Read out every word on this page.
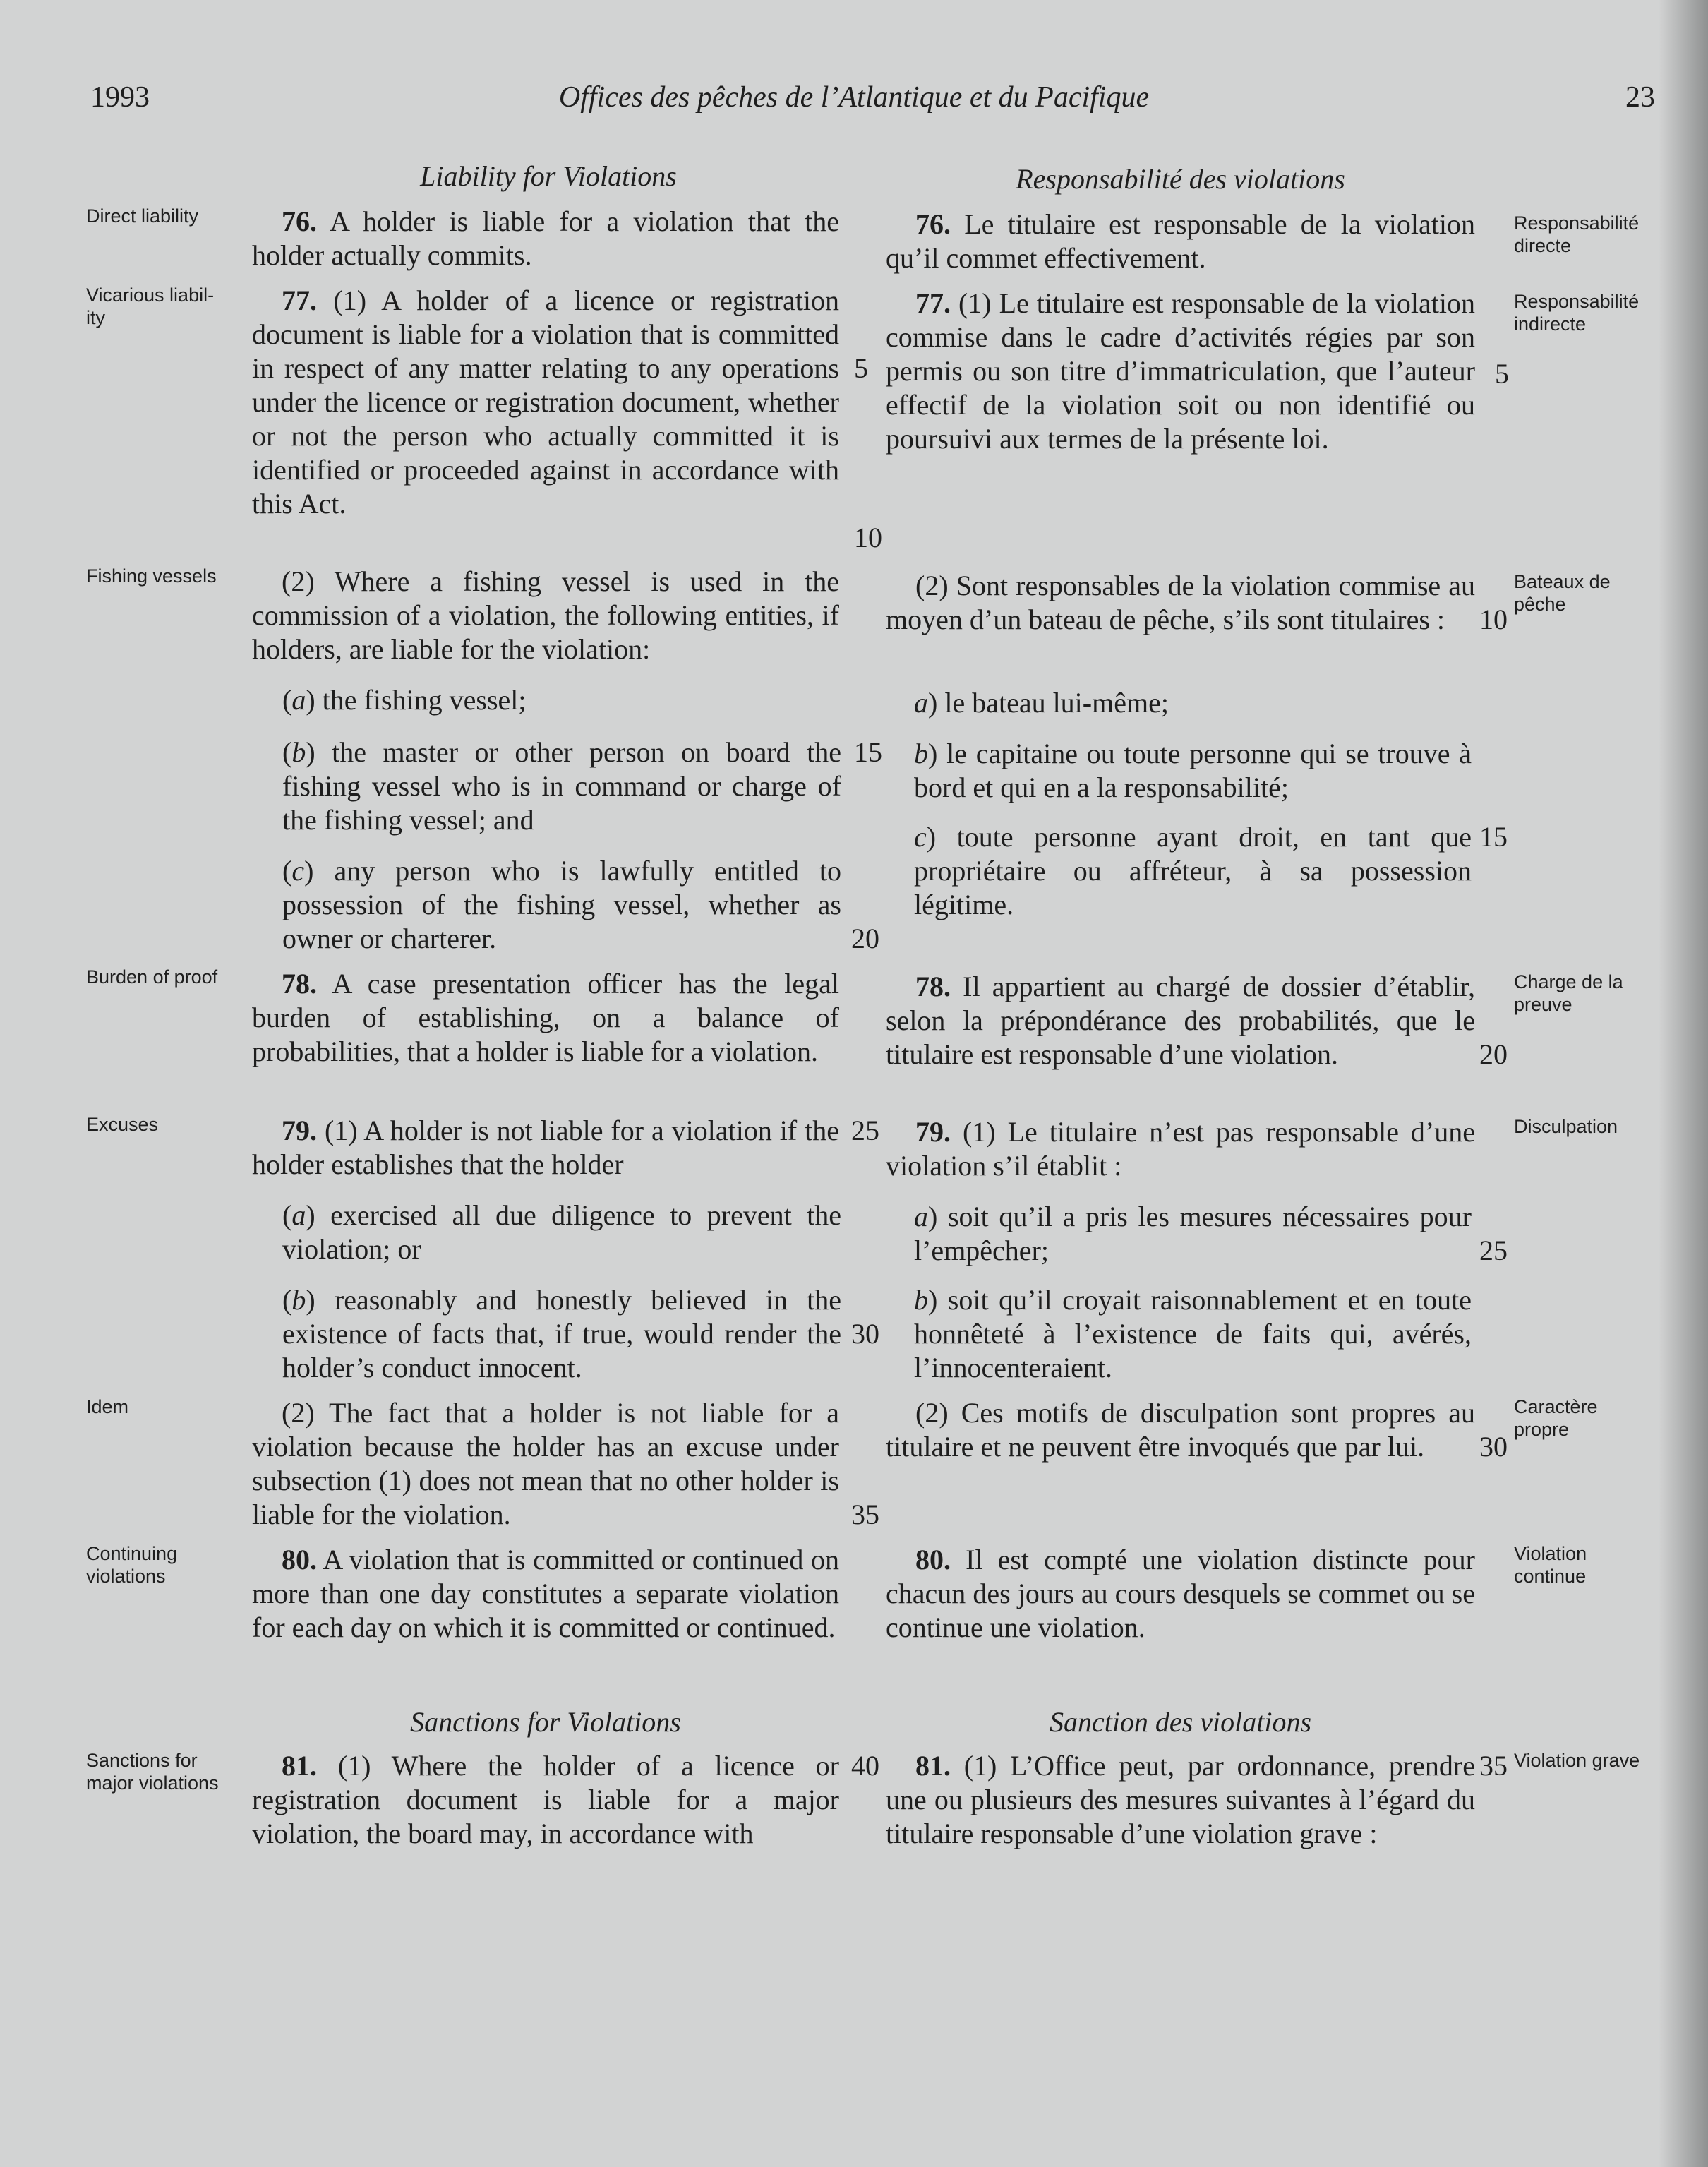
1993	Offices des pêches de l’Atlantique et du Pacifique	23
Liability for Violations	Responsabilité des violations
Direct liability
Vicarious liabil- ity
Fishing vessels
Burden of proof
Excuses
Idem
Continuing violations
Sanctions for major violations
Responsabilité directe
Responsabilité indirecte
Bateaux de pêche
Charge de la preuve
Disculpation
Caractère propre
Violation continue
Violation grave
76. A holder is liable for a violation that the holder actually commits.
77. (1) A holder of a licence or registration document is liable for a violation that is committed in respect of any matter relating to any operations under the licence or registration document, whether or not the person who actually committed it is identified or proceeded against in accordance with this Act.
(2) Where a fishing vessel is used in the commission of a violation, the following entities, if holders, are liable for the violation:
(a) the fishing vessel;
(b) the master or other person on board the fishing vessel who is in command or charge of the fishing vessel; and
(c) any person who is lawfully entitled to possession of the fishing vessel, whether as owner or charterer.
78. A case presentation officer has the legal burden of establishing, on a balance of probabilities, that a holder is liable for a violation.
79. (1) A holder is not liable for a violation if the holder establishes that the holder
(a) exercised all due diligence to prevent the violation; or
(b) reasonably and honestly believed in the existence of facts that, if true, would render the holder’s conduct innocent.
(2) The fact that a holder is not liable for a violation because the holder has an excuse under subsection (1) does not mean that no other holder is liable for the violation.
80. A violation that is committed or continued on more than one day constitutes a separate violation for each day on which it is committed or continued.
Sanctions for Violations
81. (1) Where the holder of a licence or registration document is liable for a major violation, the board may, in accordance with
5
10
15
20
25
30
35
40
76. Le titulaire est responsable de la violation qu’il commet effectivement.
77. (1) Le titulaire est responsable de la violation commise dans le cadre d’activités régies par son permis ou son titre d’immatriculation, que l’auteur effectif de la violation soit ou non identifié ou poursuivi aux termes de la présente loi.
(2) Sont responsables de la violation commise au moyen d’un bateau de pêche, s’ils sont titulaires :
a) le bateau lui-même;
b) le capitaine ou toute personne qui se trouve à bord et qui en a la responsabilité;
c) toute personne ayant droit, en tant que propriétaire ou affréteur, à sa possession légitime.
78. Il appartient au chargé de dossier d’établir, selon la prépondérance des probabilités, que le titulaire est responsable d’une violation.
79. (1) Le titulaire n’est pas responsable d’une violation s’il établit :
a) soit qu’il a pris les mesures nécessaires pour l’empêcher;
b) soit qu’il croyait raisonnablement et en toute honnêteté à l’existence de faits qui, avérés, l’innocenteraient.
(2) Ces motifs de disculpation sont propres au titulaire et ne peuvent être invoqués que par lui.
80. Il est compté une violation distincte pour chacun des jours au cours desquels se commet ou se continue une violation.
Sanction des violations
81. (1) L’Office peut, par ordonnance, prendre une ou plusieurs des mesures suivantes à l’égard du titulaire responsable d’une violation grave :
5
10
15
20
25
30
35
